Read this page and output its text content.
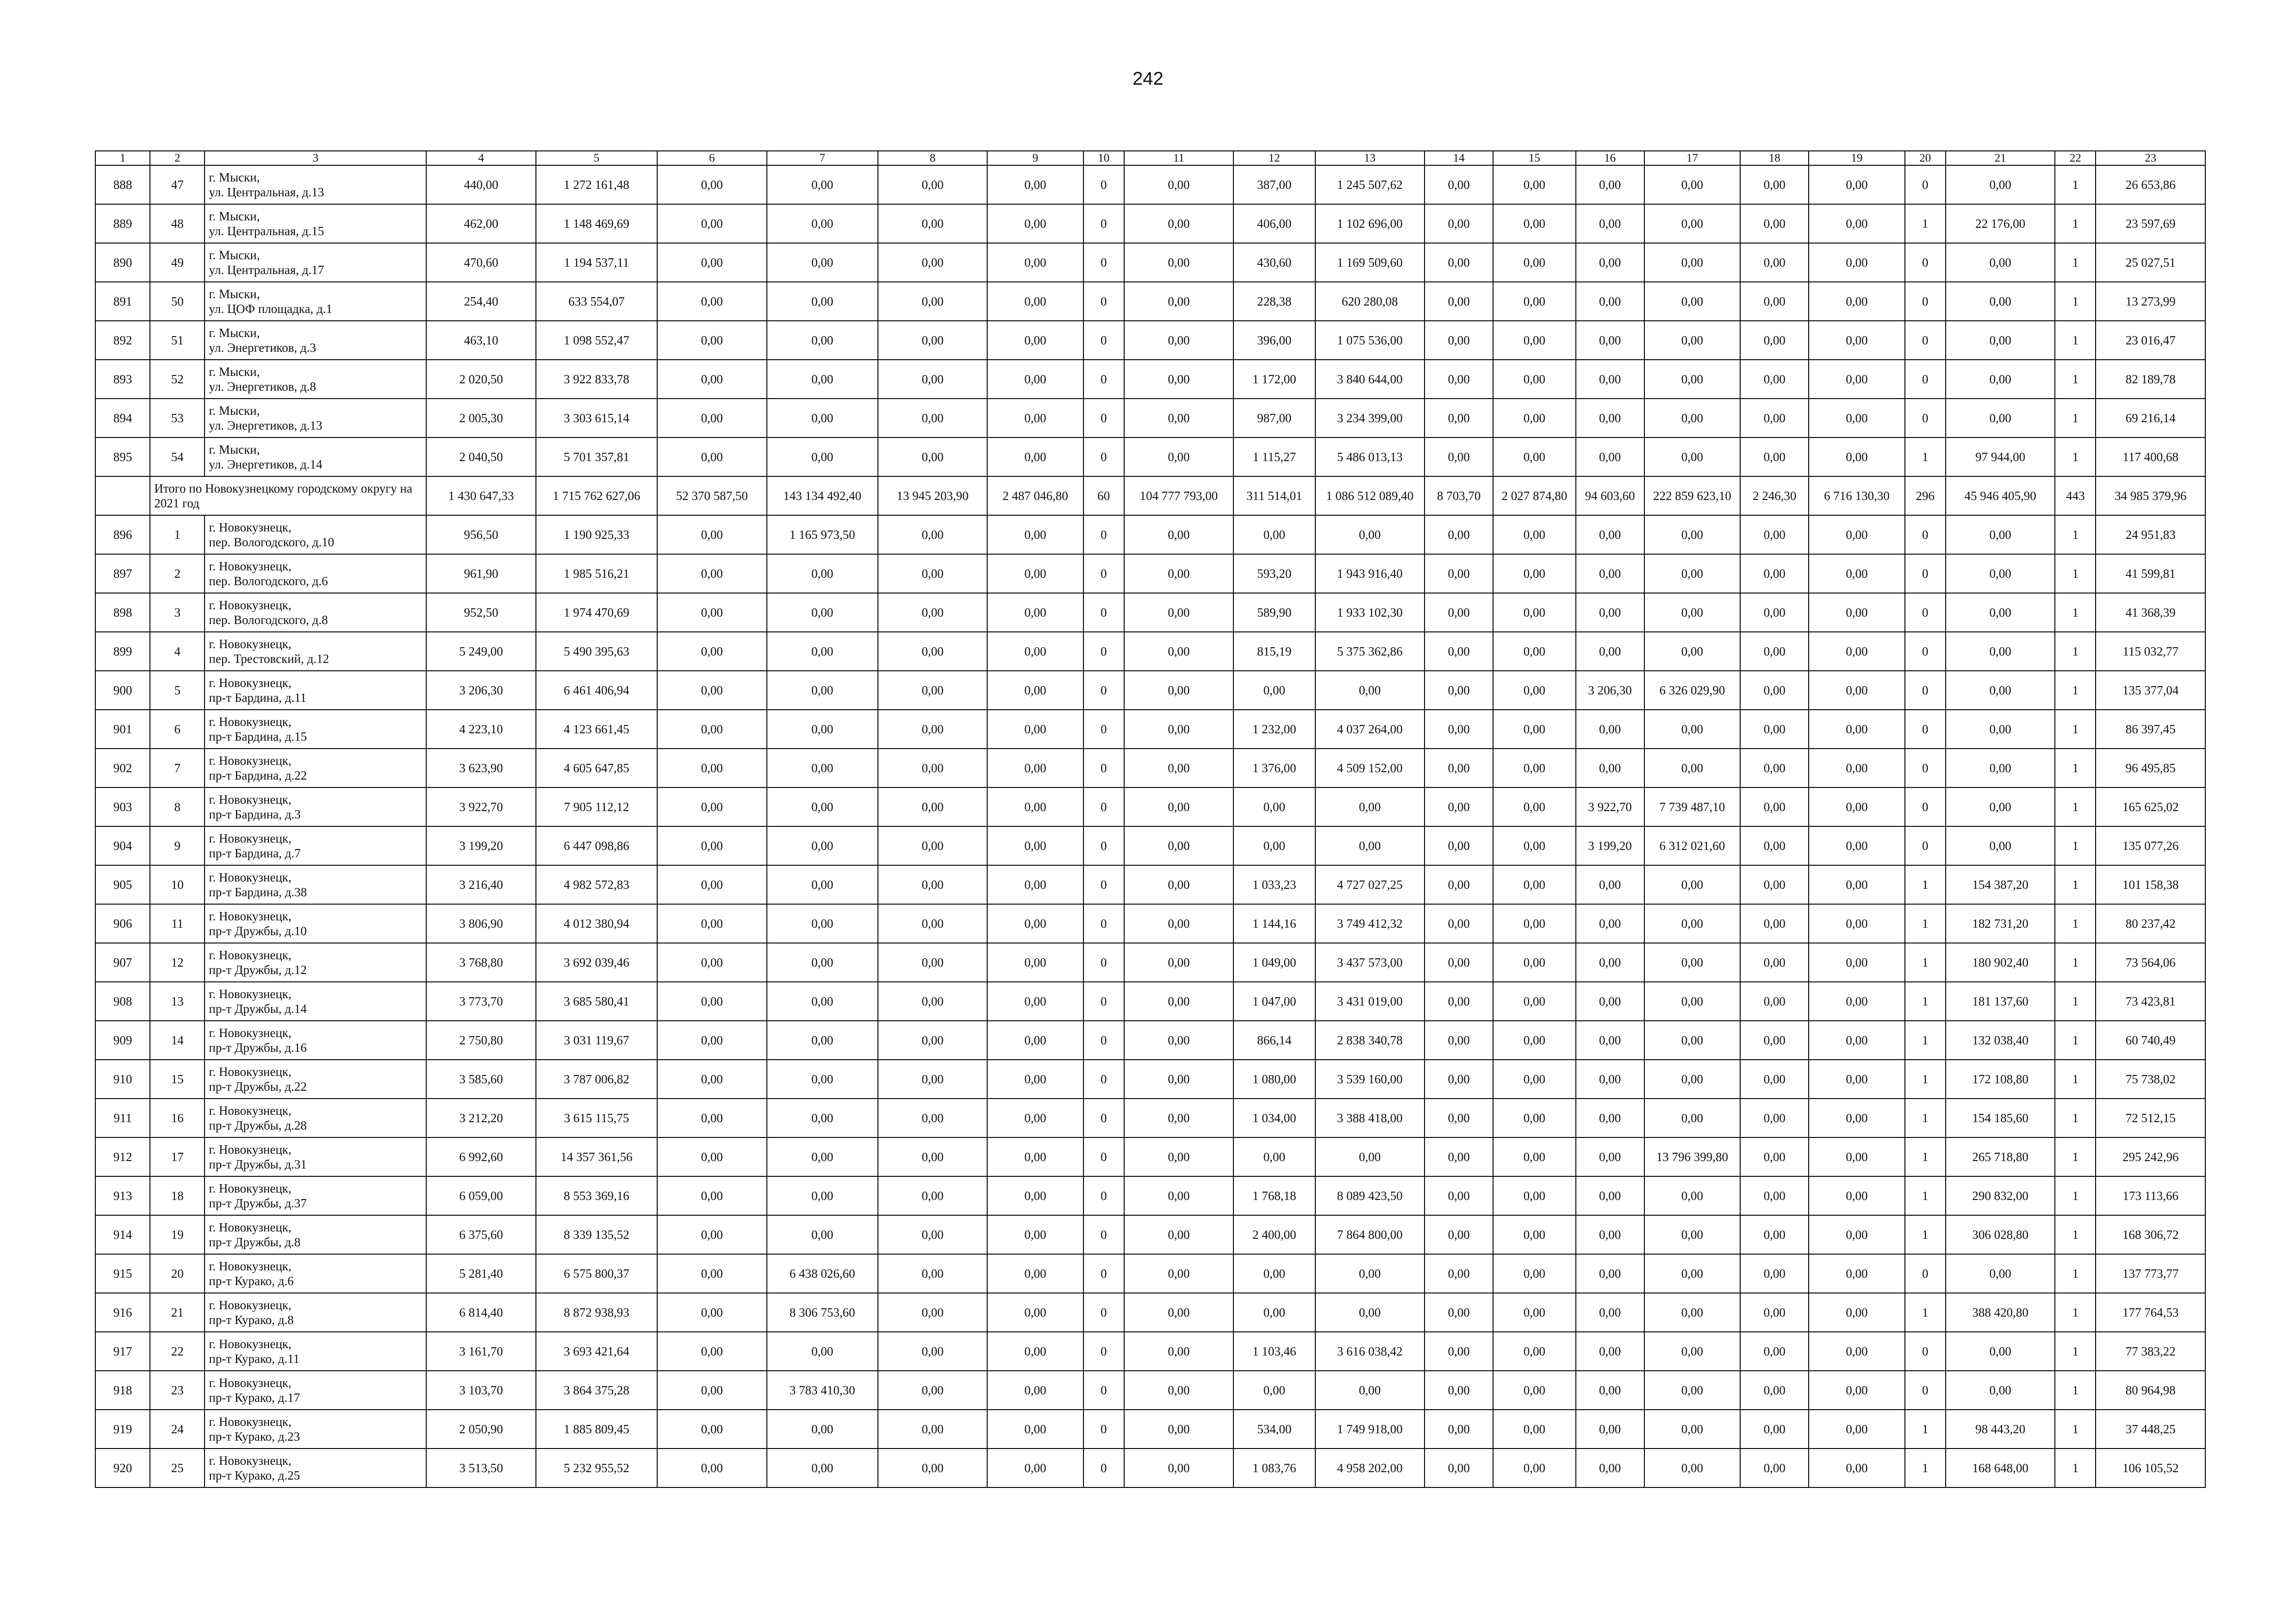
242
1	2	3	4	5	6	7	8	9	10	11	12	13	14	15	16	17	18	19	20	21	22	23
888	47	г. Мыски,
ул. Центральная, д.13	440,00	1 272 161,48	0,00	0,00	0,00	0,00	0	0,00	387,00	1 245 507,62	0,00	0,00	0,00	0,00	0,00	0,00	0	0,00	1	26 653,86
889	48	г. Мыски,
ул. Центральная, д.15	462,00	1 148 469,69	0,00	0,00	0,00	0,00	0	0,00	406,00	1 102 696,00	0,00	0,00	0,00	0,00	0,00	0,00	1	22 176,00	1	23 597,69
890	49	г. Мыски,
ул. Центральная, д.17	470,60	1 194 537,11	0,00	0,00	0,00	0,00	0	0,00	430,60	1 169 509,60	0,00	0,00	0,00	0,00	0,00	0,00	0	0,00	1	25 027,51
891	50	г. Мыски,
ул. ЦОФ площадка, д.1	254,40	633 554,07	0,00	0,00	0,00	0,00	0	0,00	228,38	620 280,08	0,00	0,00	0,00	0,00	0,00	0,00	0	0,00	1	13 273,99
892	51	г. Мыски,
ул. Энергетиков, д.3	463,10	1 098 552,47	0,00	0,00	0,00	0,00	0	0,00	396,00	1 075 536,00	0,00	0,00	0,00	0,00	0,00	0,00	0	0,00	1	23 016,47
893	52	г. Мыски,
ул. Энергетиков, д.8	2 020,50	3 922 833,78	0,00	0,00	0,00	0,00	0	0,00	1 172,00	3 840 644,00	0,00	0,00	0,00	0,00	0,00	0,00	0	0,00	1	82 189,78
894	53	г. Мыски,
ул. Энергетиков, д.13	2 005,30	3 303 615,14	0,00	0,00	0,00	0,00	0	0,00	987,00	3 234 399,00	0,00	0,00	0,00	0,00	0,00	0,00	0	0,00	1	69 216,14
895	54	г. Мыски,
ул. Энергетиков, д.14	2 040,50	5 701 357,81	0,00	0,00	0,00	0,00	0	0,00	1 115,27	5 486 013,13	0,00	0,00	0,00	0,00	0,00	0,00	1	97 944,00	1	117 400,68
	Итого по Новокузнецкому городскому округу на 2021 год		1 430 647,33	1 715 762 627,06	52 370 587,50	143 134 492,40	13 945 203,90	2 487 046,80	60	104 777 793,00	311 514,01	1 086 512 089,40	8 703,70	2 027 874,80	94 603,60	222 859 623,10	2 246,30	6 716 130,30	296	45 946 405,90	443	34 985 379,96
896	1	г. Новокузнецк,
пер. Вологодского, д.10	956,50	1 190 925,33	0,00	1 165 973,50	0,00	0,00	0	0,00	0,00	0,00	0,00	0,00	0,00	0,00	0,00	0,00	0	0,00	1	24 951,83
897	2	г. Новокузнецк,
пер. Вологодского, д.6	961,90	1 985 516,21	0,00	0,00	0,00	0,00	0	0,00	593,20	1 943 916,40	0,00	0,00	0,00	0,00	0,00	0,00	0	0,00	1	41 599,81
898	3	г. Новокузнецк,
пер. Вологодского, д.8	952,50	1 974 470,69	0,00	0,00	0,00	0,00	0	0,00	589,90	1 933 102,30	0,00	0,00	0,00	0,00	0,00	0,00	0	0,00	1	41 368,39
899	4	г. Новокузнецк,
пер. Трестовский, д.12	5 249,00	5 490 395,63	0,00	0,00	0,00	0,00	0	0,00	815,19	5 375 362,86	0,00	0,00	0,00	0,00	0,00	0,00	0	0,00	1	115 032,77
900	5	г. Новокузнецк,
пр-т Бардина, д.11	3 206,30	6 461 406,94	0,00	0,00	0,00	0,00	0	0,00	0,00	0,00	0,00	0,00	3 206,30	6 326 029,90	0,00	0,00	0	0,00	1	135 377,04
901	6	г. Новокузнецк,
пр-т Бардина, д.15	4 223,10	4 123 661,45	0,00	0,00	0,00	0,00	0	0,00	1 232,00	4 037 264,00	0,00	0,00	0,00	0,00	0,00	0,00	0	0,00	1	86 397,45
902	7	г. Новокузнецк,
пр-т Бардина, д.22	3 623,90	4 605 647,85	0,00	0,00	0,00	0,00	0	0,00	1 376,00	4 509 152,00	0,00	0,00	0,00	0,00	0,00	0,00	0	0,00	1	96 495,85
903	8	г. Новокузнецк,
пр-т Бардина, д.3	3 922,70	7 905 112,12	0,00	0,00	0,00	0,00	0	0,00	0,00	0,00	0,00	0,00	3 922,70	7 739 487,10	0,00	0,00	0	0,00	1	165 625,02
904	9	г. Новокузнецк,
пр-т Бардина, д.7	3 199,20	6 447 098,86	0,00	0,00	0,00	0,00	0	0,00	0,00	0,00	0,00	0,00	3 199,20	6 312 021,60	0,00	0,00	0	0,00	1	135 077,26
905	10	г. Новокузнецк,
пр-т Бардина, д.38	3 216,40	4 982 572,83	0,00	0,00	0,00	0,00	0	0,00	1 033,23	4 727 027,25	0,00	0,00	0,00	0,00	0,00	0,00	1	154 387,20	1	101 158,38
906	11	г. Новокузнецк,
пр-т Дружбы, д.10	3 806,90	4 012 380,94	0,00	0,00	0,00	0,00	0	0,00	1 144,16	3 749 412,32	0,00	0,00	0,00	0,00	0,00	0,00	1	182 731,20	1	80 237,42
907	12	г. Новокузнецк,
пр-т Дружбы, д.12	3 768,80	3 692 039,46	0,00	0,00	0,00	0,00	0	0,00	1 049,00	3 437 573,00	0,00	0,00	0,00	0,00	0,00	0,00	1	180 902,40	1	73 564,06
908	13	г. Новокузнецк,
пр-т Дружбы, д.14	3 773,70	3 685 580,41	0,00	0,00	0,00	0,00	0	0,00	1 047,00	3 431 019,00	0,00	0,00	0,00	0,00	0,00	0,00	1	181 137,60	1	73 423,81
909	14	г. Новокузнецк,
пр-т Дружбы, д.16	2 750,80	3 031 119,67	0,00	0,00	0,00	0,00	0	0,00	866,14	2 838 340,78	0,00	0,00	0,00	0,00	0,00	0,00	1	132 038,40	1	60 740,49
910	15	г. Новокузнецк,
пр-т Дружбы, д.22	3 585,60	3 787 006,82	0,00	0,00	0,00	0,00	0	0,00	1 080,00	3 539 160,00	0,00	0,00	0,00	0,00	0,00	0,00	1	172 108,80	1	75 738,02
911	16	г. Новокузнецк,
пр-т Дружбы, д.28	3 212,20	3 615 115,75	0,00	0,00	0,00	0,00	0	0,00	1 034,00	3 388 418,00	0,00	0,00	0,00	0,00	0,00	0,00	1	154 185,60	1	72 512,15
912	17	г. Новокузнецк,
пр-т Дружбы, д.31	6 992,60	14 357 361,56	0,00	0,00	0,00	0,00	0	0,00	0,00	0,00	0,00	0,00	0,00	13 796 399,80	0,00	0,00	1	265 718,80	1	295 242,96
913	18	г. Новокузнецк,
пр-т Дружбы, д.37	6 059,00	8 553 369,16	0,00	0,00	0,00	0,00	0	0,00	1 768,18	8 089 423,50	0,00	0,00	0,00	0,00	0,00	0,00	1	290 832,00	1	173 113,66
914	19	г. Новокузнецк,
пр-т Дружбы, д.8	6 375,60	8 339 135,52	0,00	0,00	0,00	0,00	0	0,00	2 400,00	7 864 800,00	0,00	0,00	0,00	0,00	0,00	0,00	1	306 028,80	1	168 306,72
915	20	г. Новокузнецк,
пр-т Курако, д.6	5 281,40	6 575 800,37	0,00	6 438 026,60	0,00	0,00	0	0,00	0,00	0,00	0,00	0,00	0,00	0,00	0,00	0,00	0	0,00	1	137 773,77
916	21	г. Новокузнецк,
пр-т Курако, д.8	6 814,40	8 872 938,93	0,00	8 306 753,60	0,00	0,00	0	0,00	0,00	0,00	0,00	0,00	0,00	0,00	0,00	0,00	1	388 420,80	1	177 764,53
917	22	г. Новокузнецк,
пр-т Курако, д.11	3 161,70	3 693 421,64	0,00	0,00	0,00	0,00	0	0,00	1 103,46	3 616 038,42	0,00	0,00	0,00	0,00	0,00	0,00	0	0,00	1	77 383,22
918	23	г. Новокузнецк,
пр-т Курако, д.17	3 103,70	3 864 375,28	0,00	3 783 410,30	0,00	0,00	0	0,00	0,00	0,00	0,00	0,00	0,00	0,00	0,00	0,00	0	0,00	1	80 964,98
919	24	г. Новокузнецк,
пр-т Курако, д.23	2 050,90	1 885 809,45	0,00	0,00	0,00	0,00	0	0,00	534,00	1 749 918,00	0,00	0,00	0,00	0,00	0,00	0,00	1	98 443,20	1	37 448,25
920	25	г. Новокузнецк,
пр-т Курако, д.25	3 513,50	5 232 955,52	0,00	0,00	0,00	0,00	0	0,00	1 083,76	4 958 202,00	0,00	0,00	0,00	0,00	0,00	0,00	1	168 648,00	1	106 105,52
